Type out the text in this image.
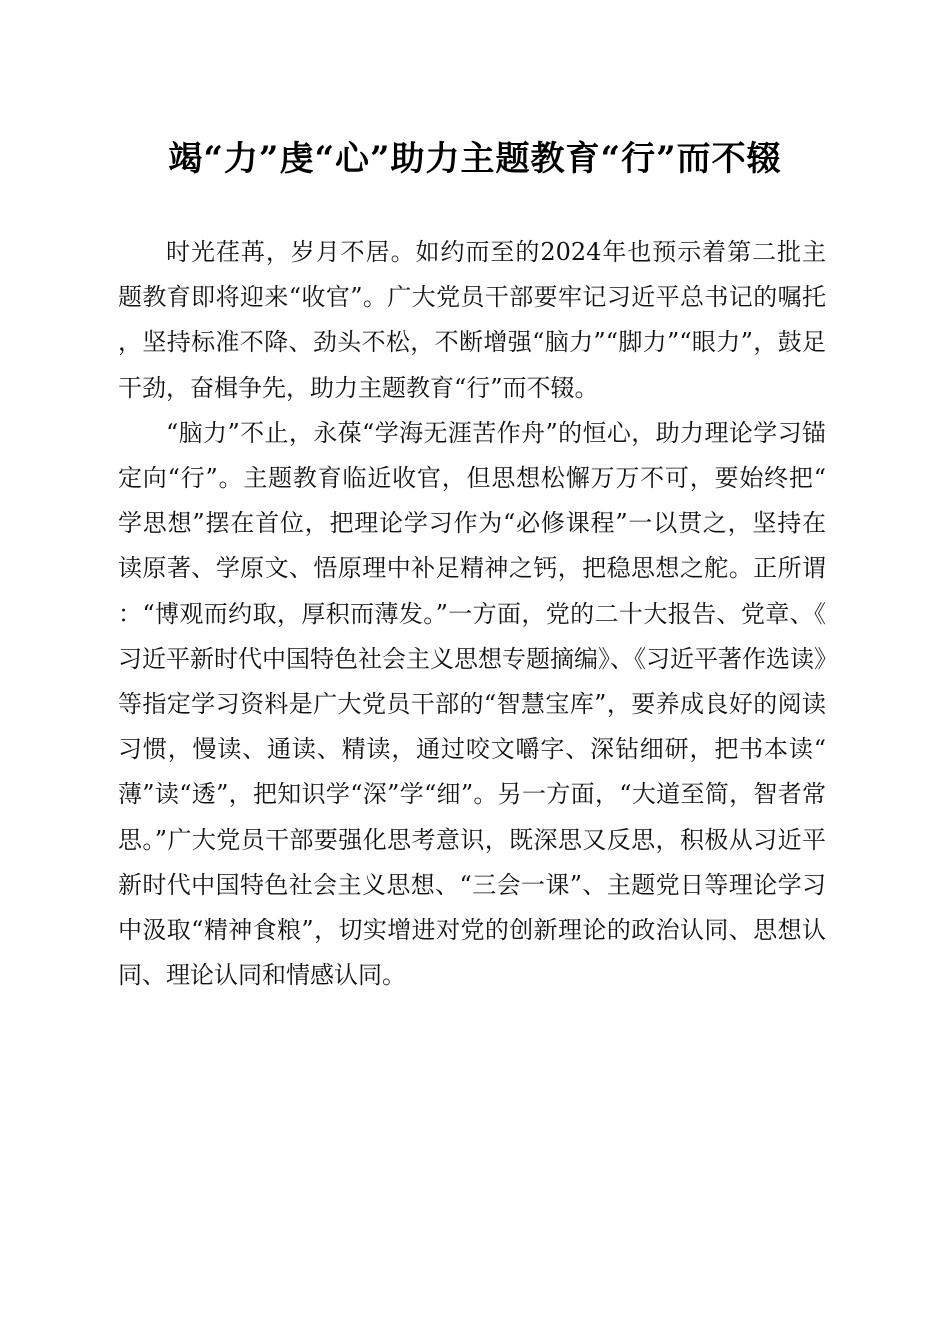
竭“力”虔“心”助力主题教育“行”而不辍

时光荏苒，岁月不居。如约而至的2024年也预示着第二批主题教育即将迎来“收官”。广大党员干部要牢记习近平总书记的嘱托，坚持标准不降、劲头不松，不断增强“脑力”“脚力”“眼力”，鼓足干劲，奋楫争先，助力主题教育“行”而不辍。

“脑力”不止，永葆“学海无涯苦作舟”的恒心，助力理论学习锚定向“行”。主题教育临近收官，但思想松懈万万不可，要始终把“学思想”摆在首位，把理论学习作为“必修课程”一以贯之，坚持在读原著、学原文、悟原理中补足精神之钙，把稳思想之舵。正所谓：“博观而约取，厚积而薄发。”一方面，党的二十大报告、党章、《习近平新时代中国特色社会主义思想专题摘编》、《习近平著作选读》等指定学习资料是广大党员干部的“智慧宝库”，要养成良好的阅读习惯，慢读、通读、精读，通过咬文嚼字、深钻细研，把书本读“薄”读“透”，把知识学“深”学“细”。另一方面，“大道至简，智者常思。”广大党员干部要强化思考意识，既深思又反思，积极从习近平新时代中国特色社会主义思想、“三会一课”、主题党日等理论学习中汲取“精神食粮”，切实增进对党的创新理论的政治认同、思想认同、理论认同和情感认同。
